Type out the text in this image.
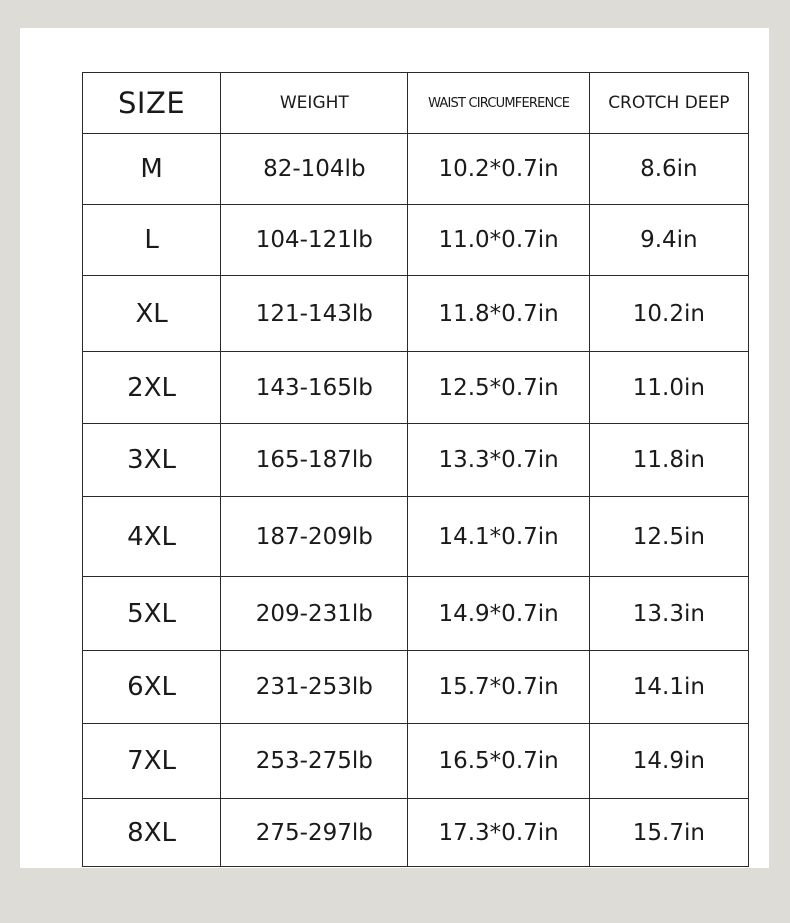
SIZE	WEIGHT	WAIST CIRCUMFERENCE	CROTCH DEEP
M	82-104lb	10.2*0.7in	8.6in
L	104-121lb	11.0*0.7in	9.4in
XL	121-143lb	11.8*0.7in	10.2in
2XL	143-165lb	12.5*0.7in	11.0in
3XL	165-187lb	13.3*0.7in	11.8in
4XL	187-209lb	14.1*0.7in	12.5in
5XL	209-231lb	14.9*0.7in	13.3in
6XL	231-253lb	15.7*0.7in	14.1in
7XL	253-275lb	16.5*0.7in	14.9in
8XL	275-297lb	17.3*0.7in	15.7in
